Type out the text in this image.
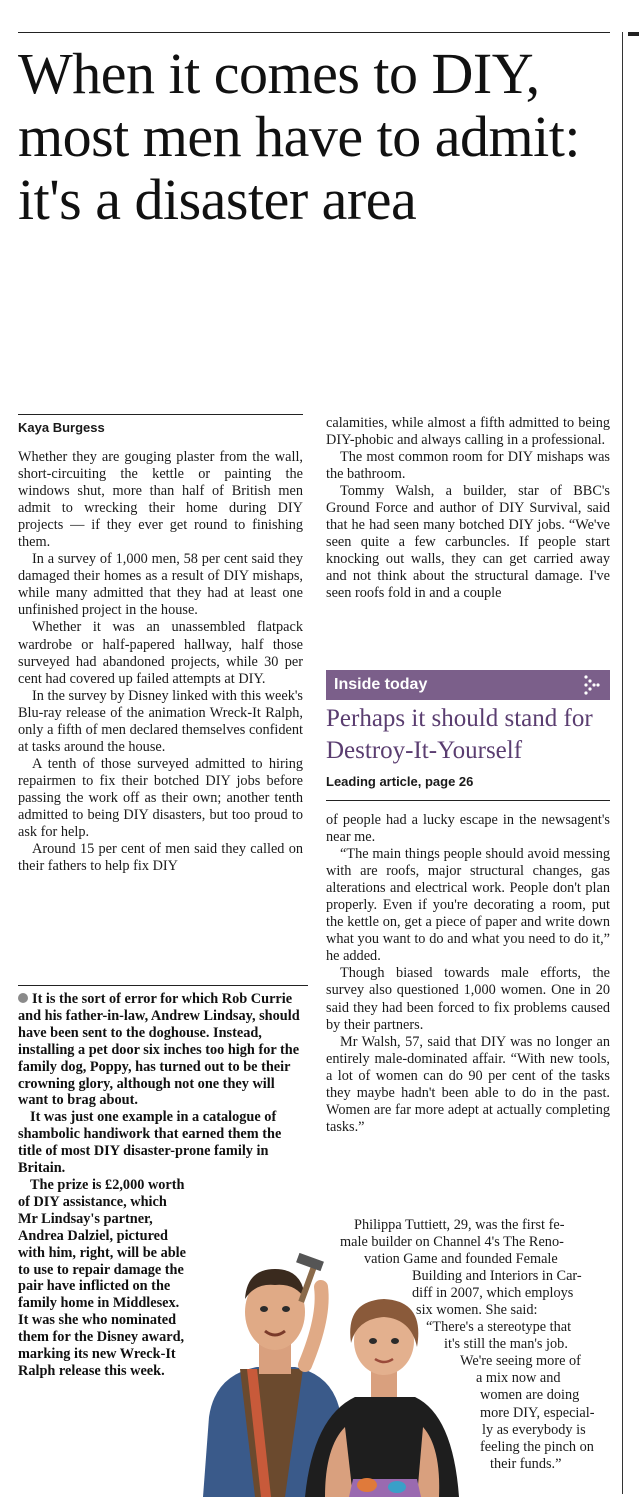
When it comes to DIY, most men have to admit: it's a disaster area
Kaya Burgess

Whether they are gouging plaster from the wall, short-circuiting the kettle or painting the windows shut, more than half of British men admit to wrecking their home during DIY projects — if they ever get round to finishing them.

In a survey of 1,000 men, 58 per cent said they damaged their homes as a result of DIY mishaps, while many admitted that they had at least one unfinished project in the house.

Whether it was an unassembled flatpack wardrobe or half-papered hallway, half those surveyed had abandoned projects, while 30 per cent had covered up failed attempts at DIY.

In the survey by Disney linked with this week's Blu-ray release of the animation Wreck-It Ralph, only a fifth of men declared themselves confident at tasks around the house.

A tenth of those surveyed admitted to hiring repairmen to fix their botched DIY jobs before passing the work off as their own; another tenth admitted to being DIY disasters, but too proud to ask for help.

Around 15 per cent of men said they called on their fathers to help fix DIY

It is the sort of error for which Rob Currie and his father-in-law, Andrew Lindsay, should have been sent to the doghouse. Instead, installing a pet door six inches too high for the family dog, Poppy, has turned out to be their crowning glory, although not one they will want to brag about.

It was just one example in a catalogue of shambolic handiwork that earned them the title of most DIY disaster-prone family in Britain.

The prize is £2,000 worth of DIY assistance, which Mr Lindsay's partner, Andrea Dalziel, pictured with him, right, will be able to use to repair damage the pair have inflicted on the family home in Middlesex. It was she who nominated them for the Disney award, marking its new Wreck-It Ralph release this week.

calamities, while almost a fifth admitted to being DIY-phobic and always calling in a professional.

The most common room for DIY mishaps was the bathroom.

Tommy Walsh, a builder, star of BBC's Ground Force and author of DIY Survival, said that he had seen many botched DIY jobs. “We've seen quite a few carbuncles. If people start knocking out walls, they can get carried away and not think about the structural damage. I've seen roofs fold in and a couple

Inside today
Perhaps it should stand for Destroy-It-Yourself
Leading article, page 26

of people had a lucky escape in the newsagent's near me.

“The main things people should avoid messing with are roofs, major structural changes, gas alterations and electrical work. People don't plan properly. Even if you're decorating a room, put the kettle on, get a piece of paper and write down what you want to do and what you need to do it,” he added.

Though biased towards male efforts, the survey also questioned 1,000 women. One in 20 said they had been forced to fix problems caused by their partners.

Mr Walsh, 57, said that DIY was no longer an entirely male-dominated affair. “With new tools, a lot of women can do 90 per cent of the tasks they maybe hadn't been able to do in the past. Women are far more adept at actually completing tasks.”

Philippa Tuttiett, 29, was the first fe-
male builder on Channel 4's The Reno-
vation Game and founded Female
Building and Interiors in Car-
diff in 2007, which employs
six women. She said:
“There's a stereotype that
it's still the man's job.
We're seeing more of
a mix now and
women are doing
more DIY, especial-
ly as everybody is
feeling the pinch on
their funds.”
